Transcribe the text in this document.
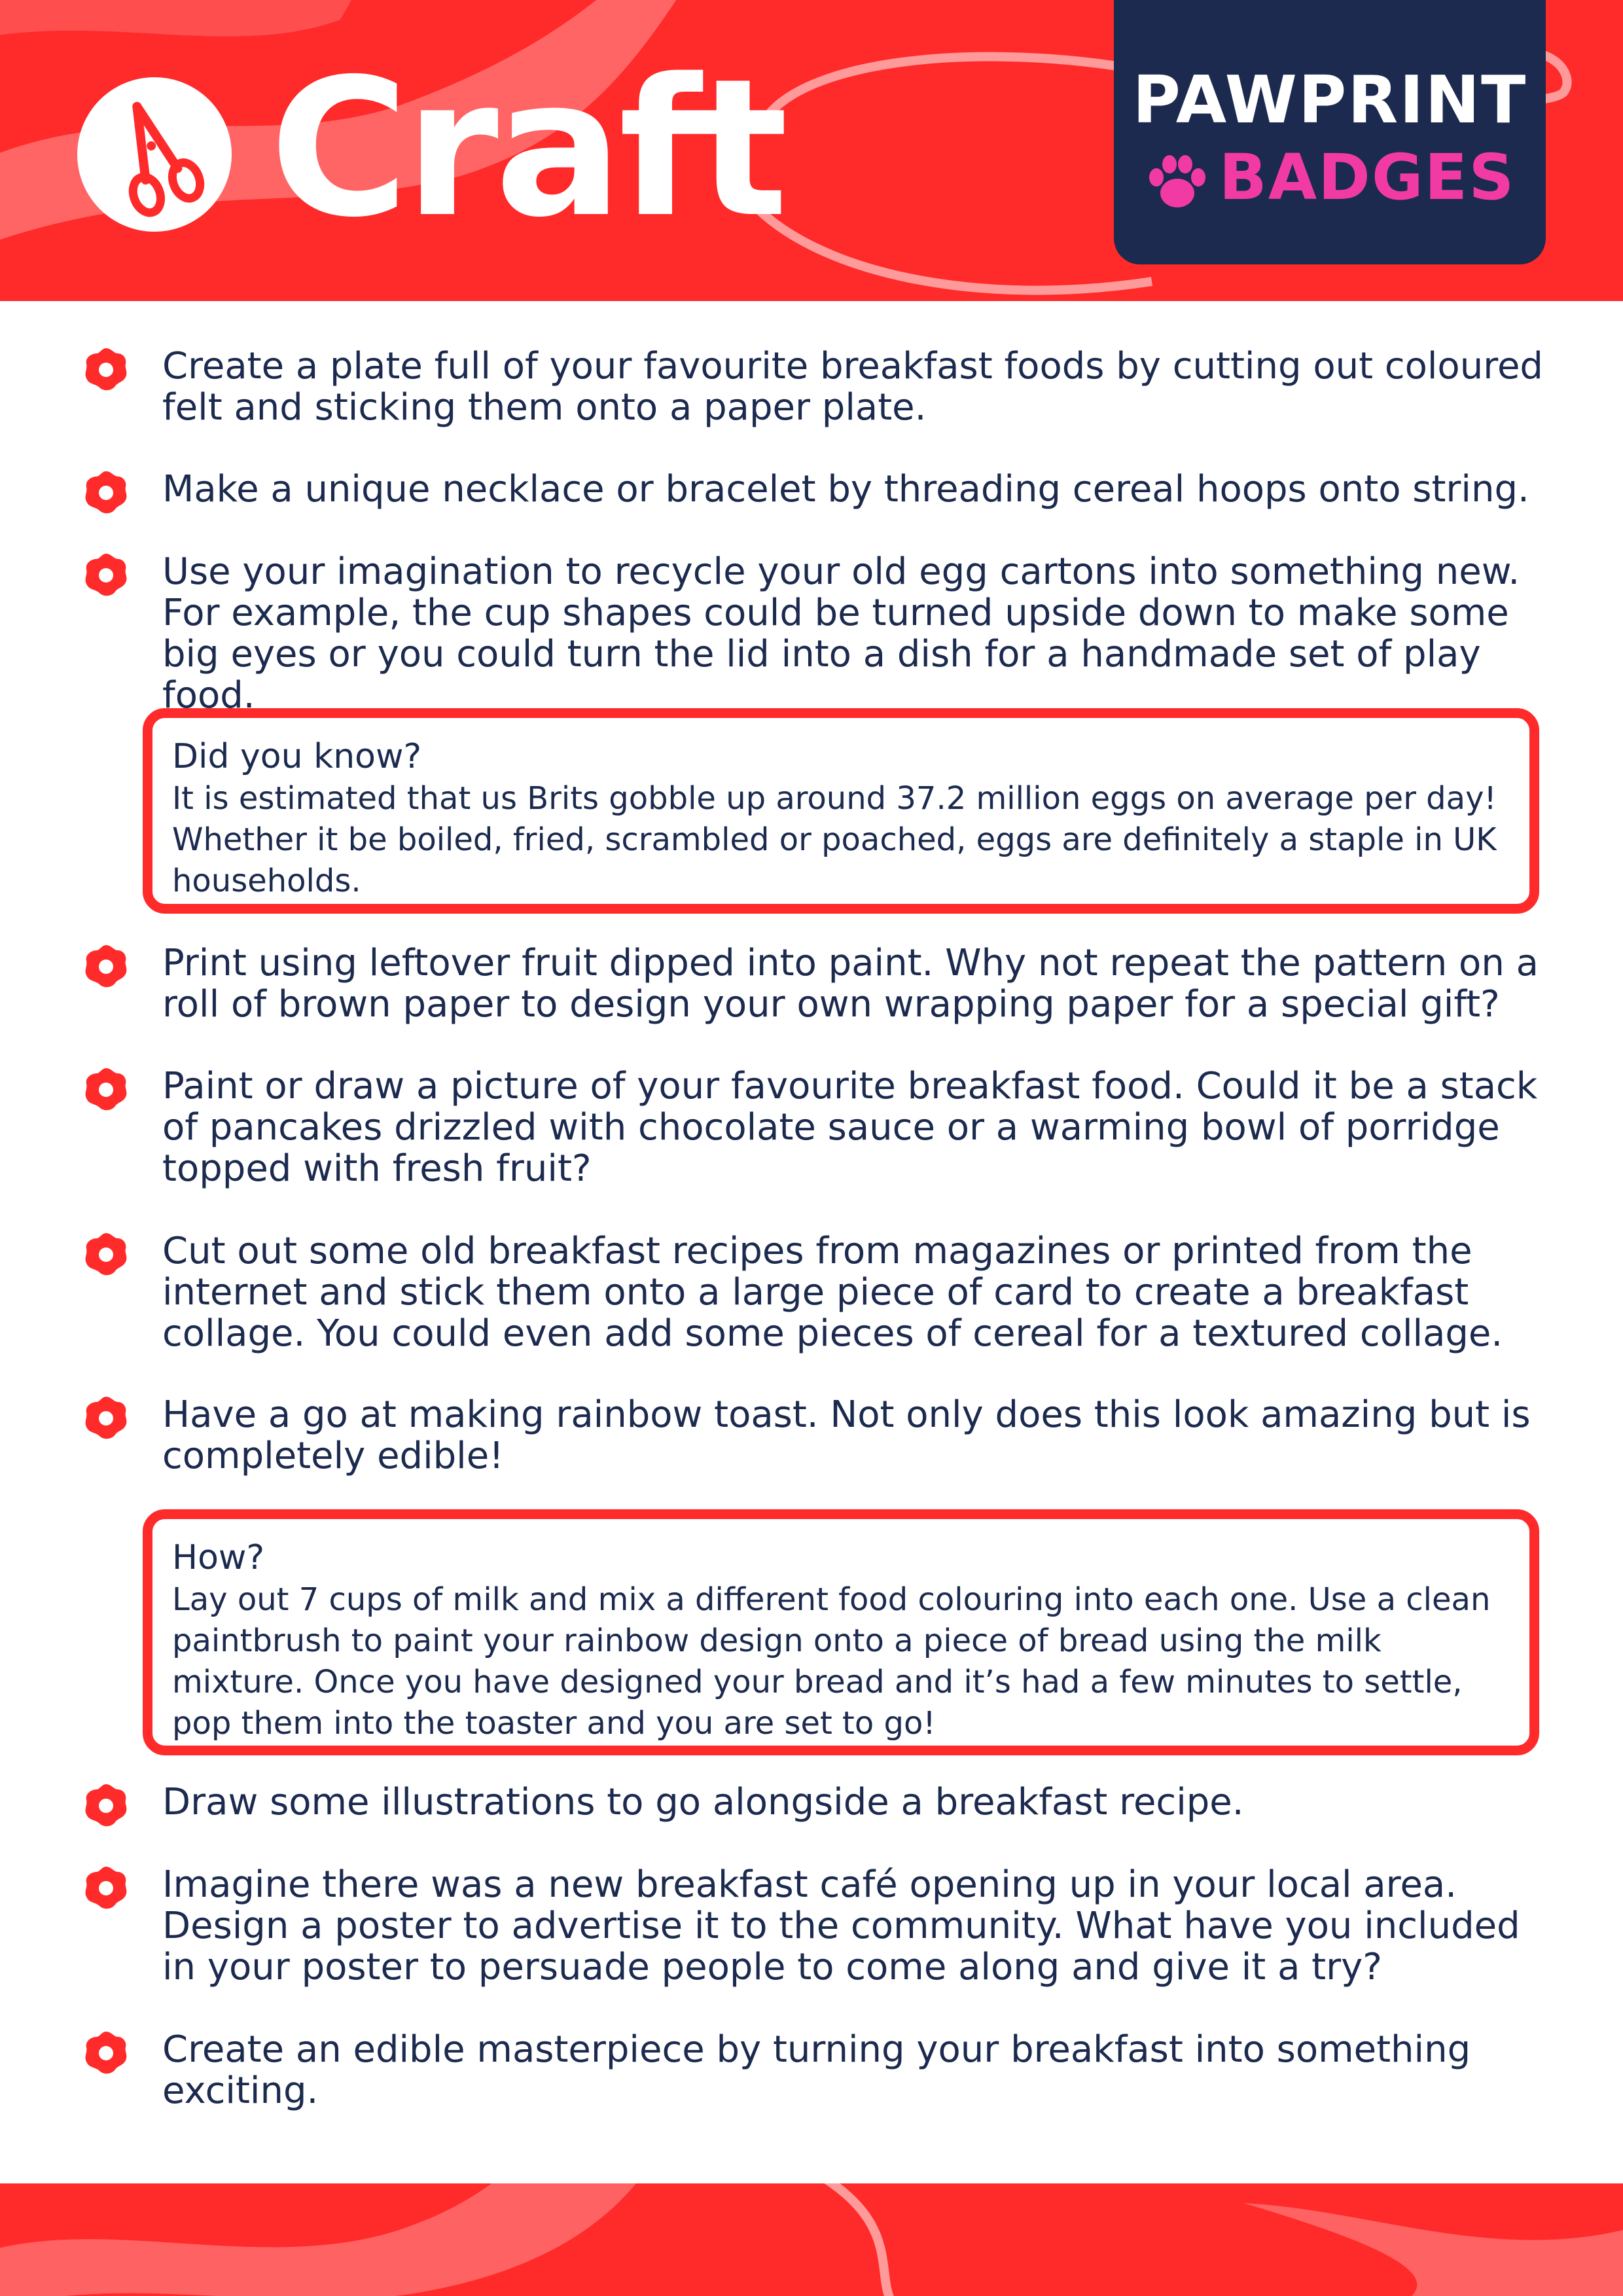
Craft	PAWPRINT
BADGES
Create a plate full of your favourite breakfast foods by cutting out coloured felt and sticking them onto a paper plate.
Make a unique necklace or bracelet by threading cereal hoops onto string.
Use your imagination to recycle your old egg cartons into something new. For example, the cup shapes could be turned upside down to make some big eyes or you could turn the lid into a dish for a handmade set of play food.
Did you know?
It is estimated that us Brits gobble up around 37.2 million eggs on average per day! Whether it be boiled, fried, scrambled or poached, eggs are definitely a staple in UK households.
Print using leftover fruit dipped into paint. Why not repeat the pattern on a roll of brown paper to design your own wrapping paper for a special gift?
Paint or draw a picture of your favourite breakfast food. Could it be a stack of pancakes drizzled with chocolate sauce or a warming bowl of porridge topped with fresh fruit?
Cut out some old breakfast recipes from magazines or printed from the internet and stick them onto a large piece of card to create a breakfast collage. You could even add some pieces of cereal for a textured collage.
Have a go at making rainbow toast. Not only does this look amazing but is completely edible!
How?
Lay out 7 cups of milk and mix a different food colouring into each one. Use a clean paintbrush to paint your rainbow design onto a piece of bread using the milk mixture. Once you have designed your bread and it’s had a few minutes to settle, pop them into the toaster and you are set to go!
Draw some illustrations to go alongside a breakfast recipe.
Imagine there was a new breakfast café opening up in your local area. Design a poster to advertise it to the community. What have you included in your poster to persuade people to come along and give it a try?
Create an edible masterpiece by turning your breakfast into something exciting.
